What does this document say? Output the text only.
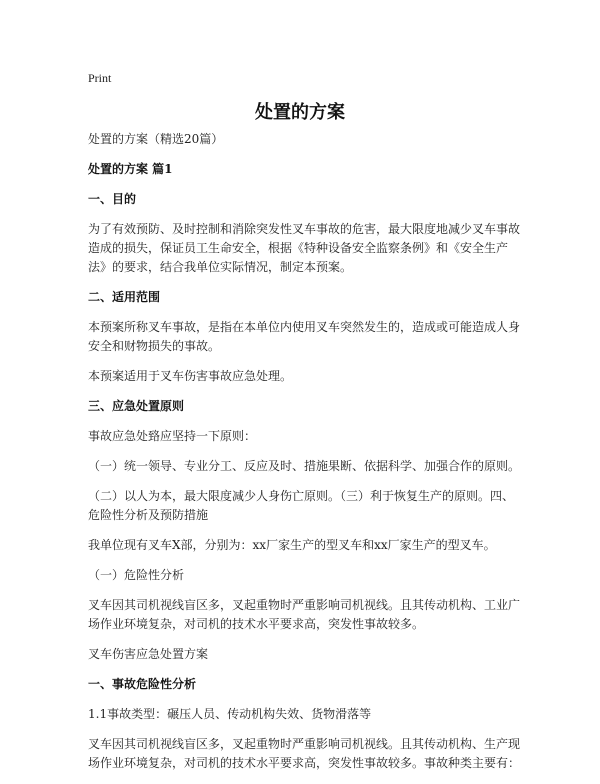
Print
处置的方案
处置的方案（精选20篇）
处置的方案 篇1
一、目的
为了有效预防、及时控制和消除突发性叉车事故的危害，最大限度地减少叉车事故造成的损失，保证员工生命安全，根据《特种设备安全监察条例》和《安全生产法》的要求，结合我单位实际情况，制定本预案。
二、适用范围
本预案所称叉车事故，是指在本单位内使用叉车突然发生的，造成或可能造成人身安全和财物损失的事故。
本预案适用于叉车伤害事故应急处理。
三、应急处置原则
事故应急处臵应坚持一下原则：
（一）统一领导、专业分工、反应及时、措施果断、依据科学、加强合作的原则。
（二）以人为本，最大限度减少人身伤亡原则。（三）利于恢复生产的原则。四、危险性分析及预防措施
我单位现有叉车X部，分别为：xx厂家生产的型叉车和xx厂家生产的型叉车。
（一）危险性分析
叉车因其司机视线盲区多，叉起重物时严重影响司机视线。且其传动机构、工业广场作业环境复杂，对司机的技术水平要求高，突发性事故较多。
叉车伤害应急处置方案
一、事故危险性分析
1.1事故类型：碾压人员、传动机构失效、货物滑落等
叉车因其司机视线盲区多，叉起重物时严重影响司机视线。且其传动机构、生产现场作业环境复杂，对司机的技术水平要求高，突发性事故较多。事故种类主要有：
